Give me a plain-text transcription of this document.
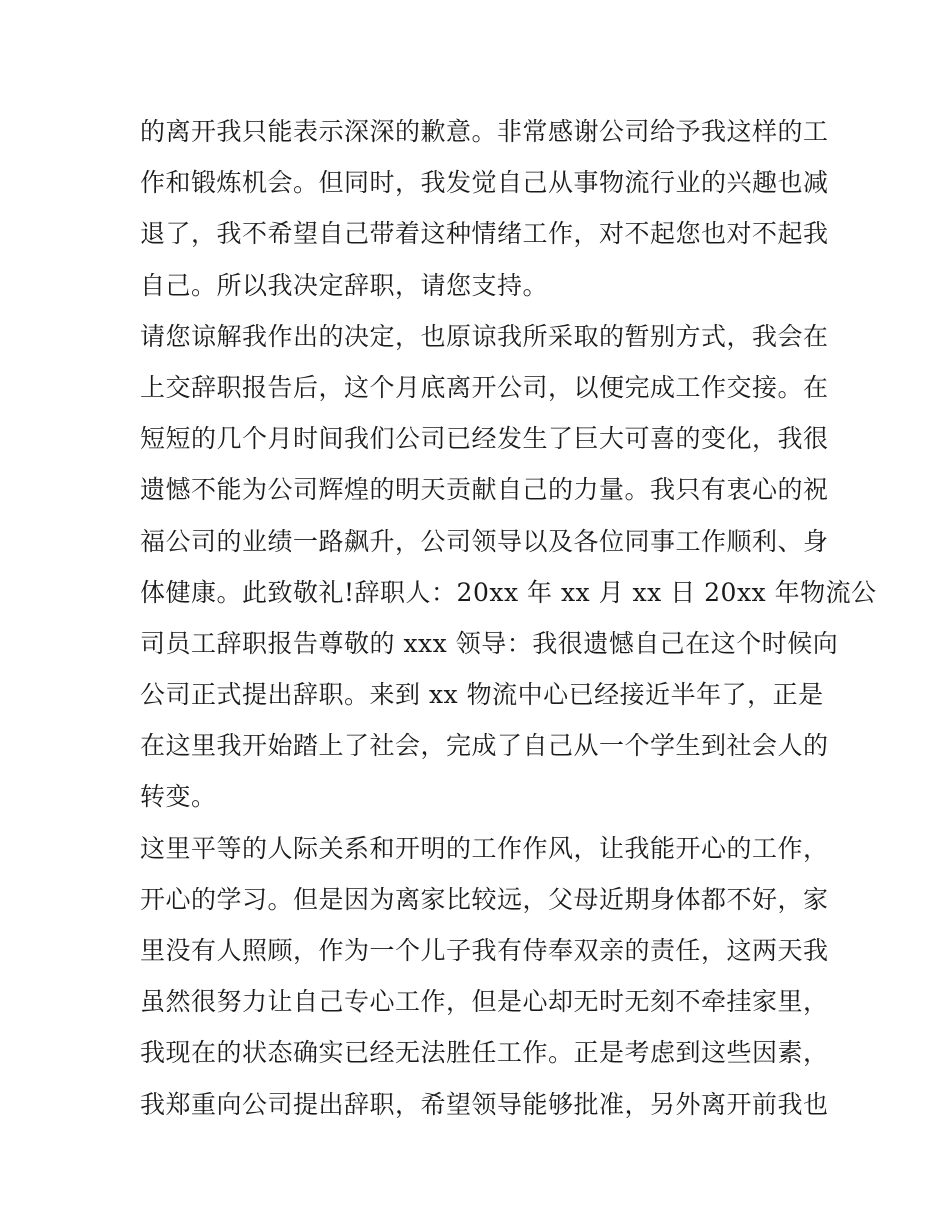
的离开我只能表示深深的歉意。非常感谢公司给予我这样的工
作和锻炼机会。但同时，我发觉自己从事物流行业的兴趣也减
退了，我不希望自己带着这种情绪工作，对不起您也对不起我
自己。所以我决定辞职，请您支持。
请您谅解我作出的决定，也原谅我所采取的暂别方式，我会在
上交辞职报告后，这个月底离开公司，以便完成工作交接。在
短短的几个月时间我们公司已经发生了巨大可喜的变化，我很
遗憾不能为公司辉煌的明天贡献自己的力量。我只有衷心的祝
福公司的业绩一路飙升，公司领导以及各位同事工作顺利、身
体健康。此致敬礼!辞职人：20xx 年 xx 月 xx 日 20xx 年物流公
司员工辞职报告尊敬的 xxx 领导：我很遗憾自己在这个时候向
公司正式提出辞职。来到 xx 物流中心已经接近半年了，正是
在这里我开始踏上了社会，完成了自己从一个学生到社会人的
转变。
这里平等的人际关系和开明的工作作风，让我能开心的工作，
开心的学习。但是因为离家比较远，父母近期身体都不好，家
里没有人照顾，作为一个儿子我有侍奉双亲的责任，这两天我
虽然很努力让自己专心工作，但是心却无时无刻不牵挂家里，
我现在的状态确实已经无法胜任工作。正是考虑到这些因素，
我郑重向公司提出辞职，希望领导能够批准，另外离开前我也
